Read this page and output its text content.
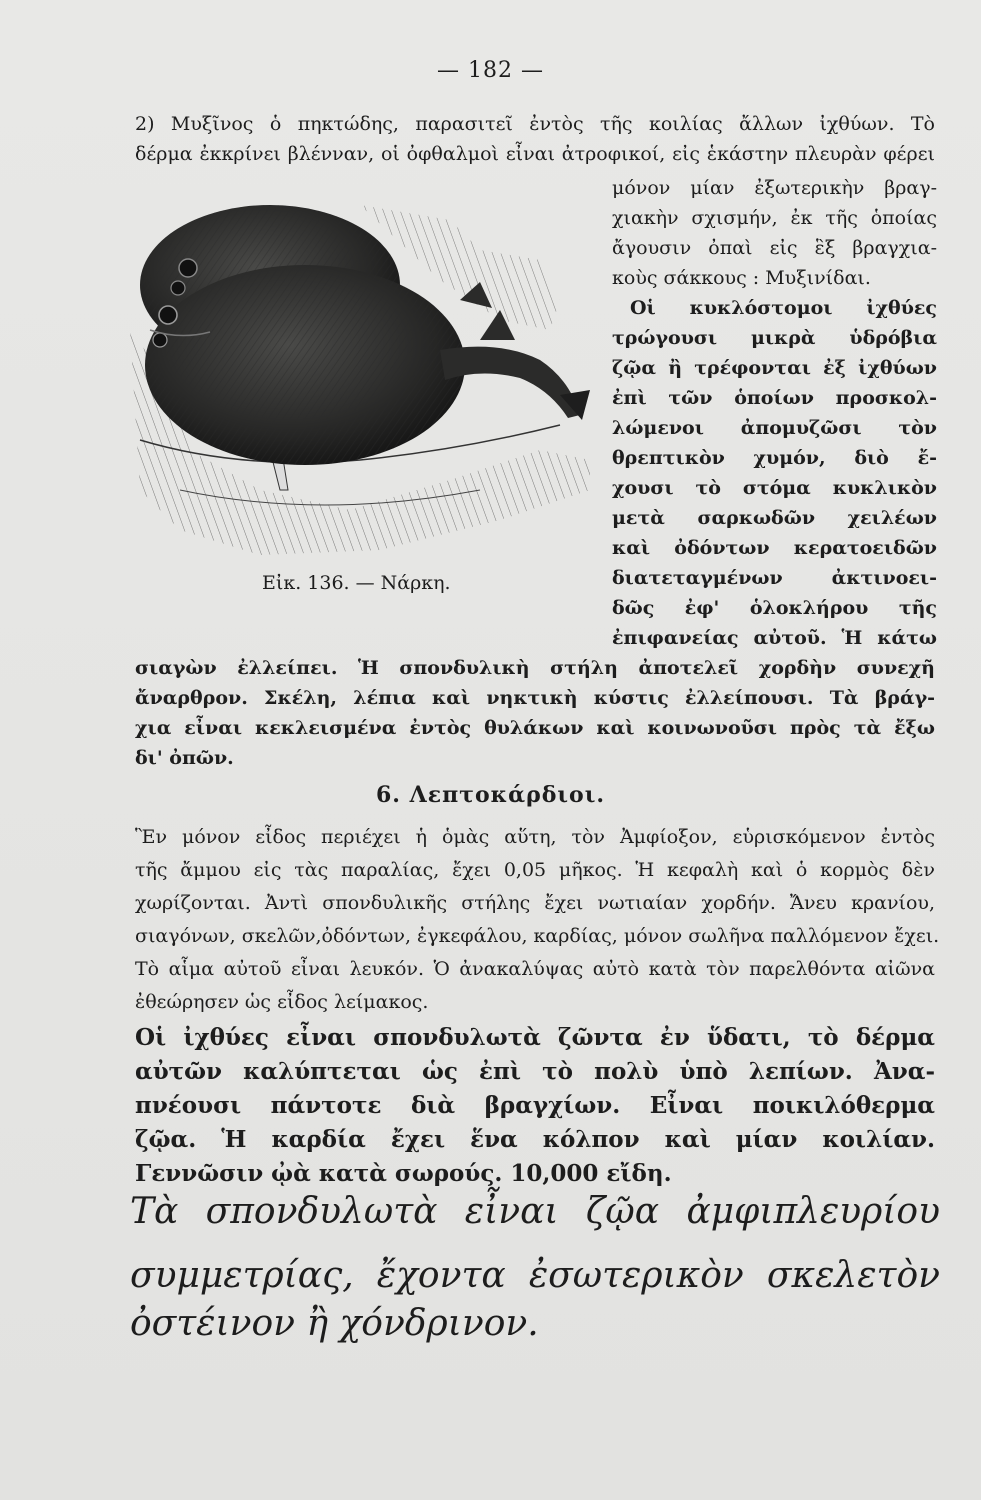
— 182 —
2) Μυξῖνος ὁ πηκτώδης, παρασιτεῖ ἐντὸς τῆς κοιλίας ἄλλων ἰχθύων. Τὸ
δέρμα ἐκκρίνει βλένναν, οἱ ὀφθαλμοὶ εἶναι ἀτροφικοί, εἰς ἑκάστην πλευρὰν φέρει
μόνον μίαν ἐξωτερικὴν βραγ-
χιακὴν σχισμήν, ἐκ τῆς ὁποίας
ἄγουσιν ὀπαὶ εἰς ἓξ βραγχια-
κοὺς σάκκους : Μυξινίδαι.
Οἱ κυκλόστομοι ἰχθύες
τρώγουσι μικρὰ ὑδρόβια
ζῷα ἢ τρέφονται ἐξ ἰχθύων
ἐπὶ τῶν ὁποίων προσκολ-
λώμενοι ἀπομυζῶσι τὸν
θρεπτικὸν χυμόν, διὸ ἔ-
χουσι τὸ στόμα κυκλικὸν
μετὰ σαρκωδῶν χειλέων
καὶ ὀδόντων κερατοειδῶν
διατεταγμένων ἀκτινοει-
δῶς ἐφ' ὁλοκλήρου τῆς
ἐπιφανείας αὐτοῦ. Ἡ κάτω
σιαγὼν ἐλλείπει. Ἡ σπονδυλικὴ στήλη ἀποτελεῖ χορδὴν συνεχῆ
ἄναρθρον. Σκέλη, λέπια καὶ νηκτικὴ κύστις ἐλλείπουσι. Τὰ βράγ-
χια εἶναι κεκλεισμένα ἐντὸς θυλάκων καὶ κοινωνοῦσι πρὸς τὰ ἔξω
δι' ὀπῶν.
Εἰκ. 136. — Νάρκη.
6. Λεπτοκάρδιοι.
Ἓν μόνον εἶδος περιέχει ἡ ὁμὰς αὕτη, τὸν Ἀμφίοξον, εὑρισκόμενον ἐντὸς
τῆς ἄμμου εἰς τὰς παραλίας, ἔχει 0,05 μῆκος. Ἡ κεφαλὴ καὶ ὁ κορμὸς δὲν
χωρίζονται. Ἀντὶ σπονδυλικῆς στήλης ἔχει νωτιαίαν χορδήν. Ἄνευ κρανίου,
σιαγόνων, σκελῶν,ὀδόντων, ἐγκεφάλου, καρδίας, μόνον σωλῆνα παλλόμενον ἔχει.
Τὸ αἷμα αὐτοῦ εἶναι λευκόν. Ὁ ἀνακαλύψας αὐτὸ κατὰ τὸν παρελθόντα αἰῶνα
ἐθεώρησεν ὡς εἶδος λείμακος.
Οἱ ἰχθύες εἶναι σπονδυλωτὰ ζῶντα ἐν ὕδατι, τὸ δέρμα
αὐτῶν καλύπτεται ὡς ἐπὶ τὸ πολὺ ὑπὸ λεπίων. Ἀνα-
πνέουσι πάντοτε διὰ βραγχίων. Εἶναι ποικιλόθερμα
ζῷα. Ἡ καρδία ἔχει ἕνα κόλπον καὶ μίαν κοιλίαν.
Γεννῶσιν ᾠὰ κατὰ σωρούς. 10,000 εἴδη.
Τὰ σπονδυλωτὰ εἶναι ζῷα ἀμφιπλευρίου
συμμετρίας, ἔχοντα ἐσωτερικὸν σκελετὸν
ὀστέινον ἢ χόνδρινον.
